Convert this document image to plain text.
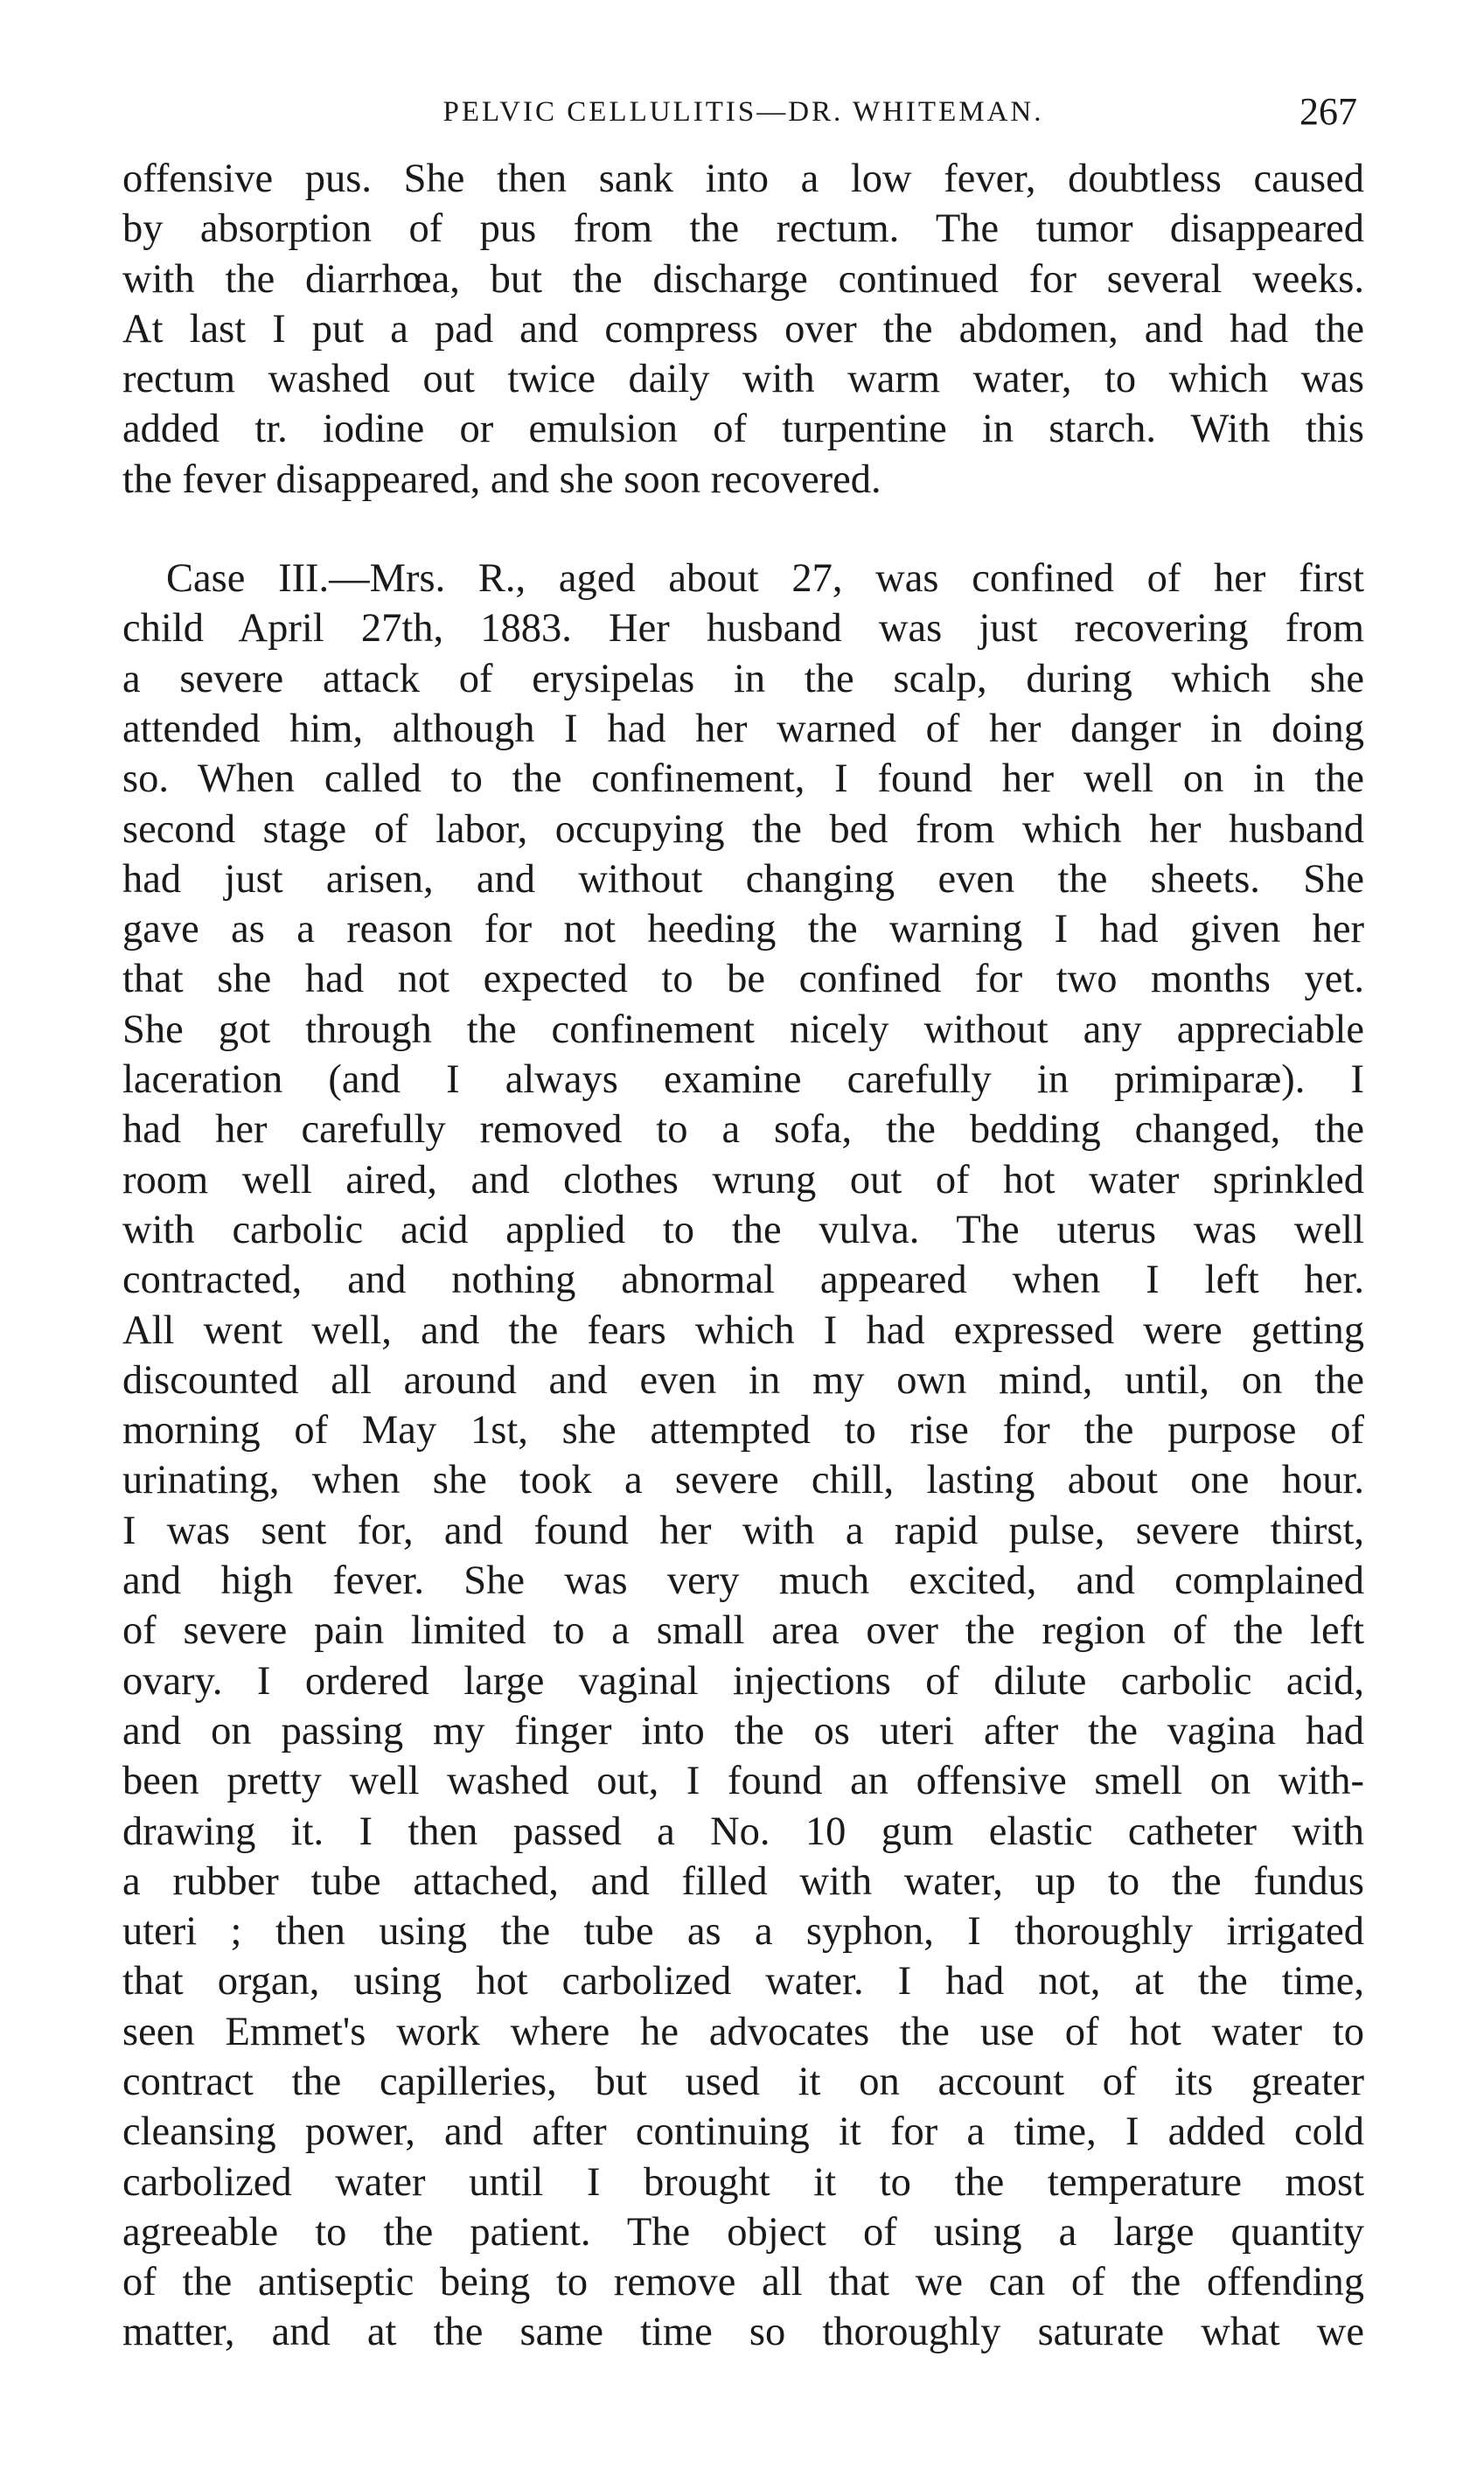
PELVIC CELLULITIS—DR. WHITEMAN.	267

offensive pus. She then sank into a low fever, doubtless caused
by absorption of pus from the rectum. The tumor disappeared
with the diarrhœa, but the discharge continued for several weeks.
At last I put a pad and compress over the abdomen, and had the
rectum washed out twice daily with warm water, to which was
added tr. iodine or emulsion of turpentine in starch. With this
the fever disappeared, and she soon recovered.

Case III.—Mrs. R., aged about 27, was confined of her first
child April 27th, 1883. Her husband was just recovering from
a severe attack of erysipelas in the scalp, during which she
attended him, although I had her warned of her danger in doing
so. When called to the confinement, I found her well on in the
second stage of labor, occupying the bed from which her husband
had just arisen, and without changing even the sheets. She
gave as a reason for not heeding the warning I had given her
that she had not expected to be confined for two months yet.
She got through the confinement nicely without any appreciable
laceration (and I always examine carefully in primiparæ). I
had her carefully removed to a sofa, the bedding changed, the
room well aired, and clothes wrung out of hot water sprinkled
with carbolic acid applied to the vulva. The uterus was well
contracted, and nothing abnormal appeared when I left her.
All went well, and the fears which I had expressed were getting
discounted all around and even in my own mind, until, on the
morning of May 1st, she attempted to rise for the purpose of
urinating, when she took a severe chill, lasting about one hour.
I was sent for, and found her with a rapid pulse, severe thirst,
and high fever. She was very much excited, and complained
of severe pain limited to a small area over the region of the left
ovary. I ordered large vaginal injections of dilute carbolic acid,
and on passing my finger into the os uteri after the vagina had
been pretty well washed out, I found an offensive smell on with-
drawing it. I then passed a No. 10 gum elastic catheter with
a rubber tube attached, and filled with water, up to the fundus
uteri ; then using the tube as a syphon, I thoroughly irrigated
that organ, using hot carbolized water. I had not, at the time,
seen Emmet's work where he advocates the use of hot water to
contract the capilleries, but used it on account of its greater
cleansing power, and after continuing it for a time, I added cold
carbolized water until I brought it to the temperature most
agreeable to the patient. The object of using a large quantity
of the antiseptic being to remove all that we can of the offending
matter, and at the same time so thoroughly saturate what we
